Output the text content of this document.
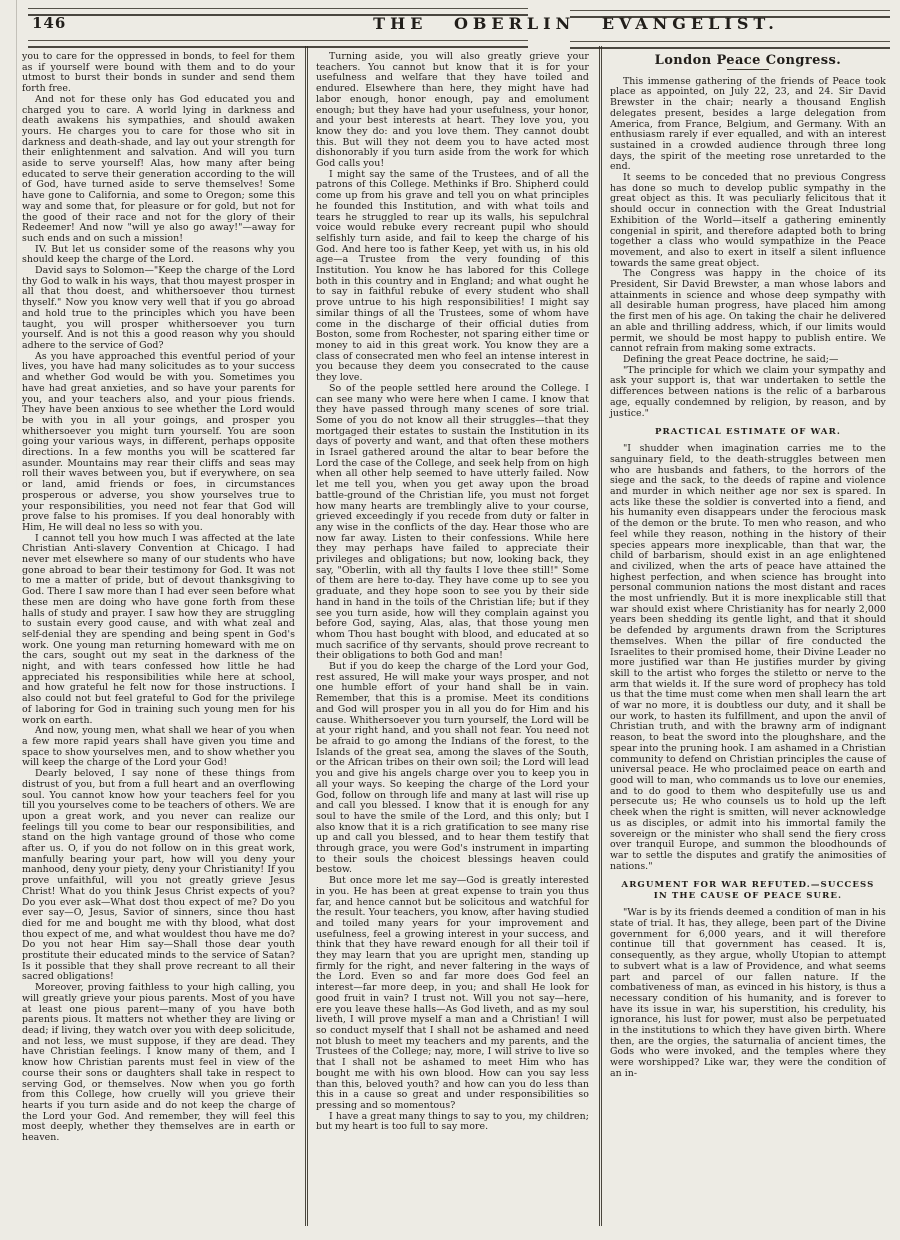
146	THE OBERLIN EVANGELIST.

you to care for the oppressed in bonds, to feel for them as if yourself were bound with them and to do your utmost to burst their bonds in sunder and send them forth free.

And not for these only has God educated you and charged you to care. A world lying in darkness and death awakens his sympathies, and should awaken yours. He charges you to care for those who sit in darkness and death-shade, and lay out your strength for their enlightenment and salvation. And will you turn aside to serve yourself! Alas, how many after being educated to serve their generation according to the will of God, have turned aside to serve themselves! Some have gone to California, and some to Oregon; some this way and some that, for pleasure or for gold, but not for the good of their race and not for the glory of their Redeemer! And now "will ye also go away!"—away for such ends and on such a mission!

IV. But let us consider some of the reasons why you should keep the charge of the Lord.

David says to Solomon—"Keep the charge of the Lord thy God to walk in his ways, that thou mayest prosper in all that thou doest, and whithersoever thou turnest thyself." Now you know very well that if you go abroad and hold true to the principles which you have been taught, you will prosper whithersoever you turn yourself. And is not this a good reason why you should adhere to the service of God?

As you have approached this eventful period of your lives, you have had many solicitudes as to your success and whether God would be with you. Sometimes you have had great anxieties, and so have your parents for you, and your teachers also, and your pious friends. They have been anxious to see whether the Lord would be with you in all your goings, and prosper you whithersoever you might turn yourself. You are soon going your various ways, in different, perhaps opposite directions. In a few months you will be scattered far asunder. Mountains may rear their cliffs and seas may roll their waves between you, but if everywhere, on sea or land, amid friends or foes, in circumstances prosperous or adverse, you show yourselves true to your responsibilities, you need not fear that God will prove false to his promises. If you deal honorably with Him, He will deal no less so with you.

I cannot tell you how much I was affected at the late Christian Anti-slavery Convention at Chicago. I had never met elsewhere so many of our students who have gone abroad to bear their testimony for God. It was not to me a matter of pride, but of devout thanksgiving to God. There I saw more than I had ever seen before what these men are doing who have gone forth from these halls of study and prayer. I saw how they are struggling to sustain every good cause, and with what zeal and self-denial they are spending and being spent in God's work. One young man returning homeward with me on the cars, sought out my seat in the darkness of the night, and with tears confessed how little he had appreciated his responsibilities while here at school, and how grateful he felt now for those instructions. I also could not but feel grateful to God for the privilege of laboring for God in training such young men for his work on earth.

And now, young men, what shall we hear of you when a few more rapid years shall have given you time and space to show yourselves men, and to show whether you will keep the charge of the Lord your God!

Dearly beloved, I say none of these things from distrust of you, but from a full heart and an overflowing soul. You cannot know how your teachers feel for you till you yourselves come to be teachers of others. We are upon a great work, and you never can realize our feelings till you come to bear our responsibilities, and stand on the high vantage ground of those who come after us. O, if you do not follow on in this great work, manfully bearing your part, how will you deny your manhood, deny your piety, deny your Christianity! If you prove unfaithful, will you not greatly grieve Jesus Christ! What do you think Jesus Christ expects of you? Do you ever ask—What dost thou expect of me? Do you ever say—O, Jesus, Savior of sinners, since thou hast died for me and bought me with thy blood, what dost thou expect of me, and what wouldest thou have me do? Do you not hear Him say—Shall those dear youth prostitute their educated minds to the service of Satan? Is it possible that they shall prove recreant to all their sacred obligations!

Moreover, proving faithless to your high calling, you will greatly grieve your pious parents. Most of you have at least one pious parent—many of you have both parents pious. It matters not whether they are living or dead; if living, they watch over you with deep solicitude, and not less, we must suppose, if they are dead. They have Christian feelings. I know many of them, and I know how Christian parents must feel in view of the course their sons or daughters shall take in respect to serving God, or themselves. Now when you go forth from this College, how cruelly will you grieve their hearts if you turn aside and do not keep the charge of the Lord your God. And remember, they will feel this most deeply, whether they themselves are in earth or heaven.

Turning aside, you will also greatly grieve your teachers. You cannot but know that it is for your usefulness and welfare that they have toiled and endured. Elsewhere than here, they might have had labor enough, honor enough, pay and emolument enough; but they have had your usefulness, your honor, and your best interests at heart. They love you, you know they do: and you love them. They cannot doubt this. But will they not deem you to have acted most dishonorably if you turn aside from the work for which God calls you!

I might say the same of the Trustees, and of all the patrons of this College. Methinks if Bro. Shipherd could come up from his grave and tell you on what principles he founded this Institution, and with what toils and tears he struggled to rear up its walls, his sepulchral voice would rebuke every recreant pupil who should selfishly turn aside, and fail to keep the charge of his God. And here too is father Keep, yet with us, in his old age—a Trustee from the very founding of this Institution. You know he has labored for this College both in this country and in England; and what ought he to say in faithful rebuke of every student who shall prove untrue to his high responsibilities! I might say similar things of all the Trustees, some of whom have come in the discharge of their official duties from Boston, some from Rochester, not sparing either time or money to aid in this great work. You know they are a class of consecrated men who feel an intense interest in you because they deem you consecrated to the cause they love.

So of the people settled here around the College. I can see many who were here when I came. I know that they have passed through many scenes of sore trial. Some of you do not know all their struggles—that they mortgaged their estates to sustain the Institution in its days of poverty and want, and that often these mothers in Israel gathered around the altar to bear before the Lord the case of the College, and seek help from on high when all other help seemed to have utterly failed. Now let me tell you, when you get away upon the broad battle-ground of the Christian life, you must not forget how many hearts are tremblingly alive to your course, grieved exceedingly if you recede from duty or falter in any wise in the conflicts of the day. Hear those who are now far away. Listen to their confessions. While here they may perhaps have failed to appreciate their privileges and obligations; but now, looking back, they say, "Oberlin, with all thy faults I love thee still!" Some of them are here to-day. They have come up to see you graduate, and they hope soon to see you by their side hand in hand in the toils of the Christian life; but if they see you turn aside, how will they complain against you before God, saying, Alas, alas, that those young men whom Thou hast bought with blood, and educated at so much sacrifice of thy servants, should prove recreant to their obligations to both God and man!

But if you do keep the charge of the Lord your God, rest assured, He will make your ways prosper, and not one humble effort of your hand shall be in vain. Remember, that this is a promise. Meet its conditions and God will prosper you in all you do for Him and his cause. Whithersoever you turn yourself, the Lord will be at your right hand, and you shall not fear. You need not be afraid to go among the Indians of the forest, to the Islands of the great sea, among the slaves of the South, or the African tribes on their own soil; the Lord will lead you and give his angels charge over you to keep you in all your ways. So keeping the charge of the Lord your God, follow on through life and many at last will rise up and call you blessed. I know that it is enough for any soul to have the smile of the Lord, and this only; but I also know that it is a rich gratification to see many rise up and call you blessed, and to hear them testify that through grace, you were God's instrument in imparting to their souls the choicest blessings heaven could bestow.

But once more let me say—God is greatly interested in you. He has been at great expense to train you thus far, and hence cannot but be solicitous and watchful for the result. Your teachers, you know, after having studied and toiled many years for your improvement and usefulness, feel a growing interest in your success, and think that they have reward enough for all their toil if they may learn that you are upright men, standing up firmly for the right, and never faltering in the ways of the Lord. Even so and far more does God feel an interest—far more deep, in you; and shall He look for good fruit in vain? I trust not. Will you not say—here, ere you leave these halls—As God liveth, and as my soul liveth, I will prove myself a man and a Christian! I will so conduct myself that I shall not be ashamed and need not blush to meet my teachers and my parents, and the Trustees of the College; nay, more, I will strive to live so that I shall not be ashamed to meet Him who has bought me with his own blood. How can you say less than this, beloved youth? and how can you do less than this in a cause so great and under responsibilities so pressing and so momentous?

I have a great many things to say to you, my children; but my heart is too full to say more.

London Peace Congress.

This immense gathering of the friends of Peace took place as appointed, on July 22, 23, and 24. Sir David Brewster in the chair; nearly a thousand English delegates present, besides a large delegation from America, from France, Belgium, and Germany. With an enthusiasm rarely if ever equalled, and with an interest sustained in a crowded audience through three long days, the spirit of the meeting rose unretarded to the end.

It seems to be conceded that no previous Congress has done so much to develop public sympathy in the great object as this. It was peculiarly felicitous that it should occur in connection with the Great Industrial Exhibition of the World—itself a gathering eminently congenial in spirit, and therefore adapted both to bring together a class who would sympathize in the Peace movement, and also to exert in itself a silent influence towards the same great object.

The Congress was happy in the choice of its President, Sir David Brewster, a man whose labors and attainments in science and whose deep sympathy with all desirable human progress, have placed him among the first men of his age. On taking the chair he delivered an able and thrilling address, which, if our limits would permit, we should be most happy to publish entire. We cannot refrain from making some extracts.

Defining the great Peace doctrine, he said;—

"The principle for which we claim your sympathy and ask your support is, that war undertaken to settle the differences between nations is the relic of a barbarous age, equally condemned by religion, by reason, and by justice."

PRACTICAL ESTIMATE OF WAR.

"I shudder when imagination carries me to the sanguinary field, to the death-struggles between men who are husbands and fathers, to the horrors of the siege and the sack, to the deeds of rapine and violence and murder in which neither age nor sex is spared. In acts like these the soldier is converted into a fiend, and his humanity even disappears under the ferocious mask of the demon or the brute. To men who reason, and who feel while they reason, nothing in the history of their species appears more inexplicable, than that war, the child of barbarism, should exist in an age enlightened and civilized, when the arts of peace have attained the highest perfection, and when science has brought into personal communion nations the most distant and races the most unfriendly. But it is more inexplicable still that war should exist where Christianity has for nearly 2,000 years been shedding its gentle light, and that it should be defended by arguments drawn from the Scriptures themselves. When the pillar of fire conducted the Israelites to their promised home, their Divine Leader no more justified war than He justifies murder by giving skill to the artist who forges the stiletto or nerve to the arm that wields it. If the sure word of prophecy has told us that the time must come when men shall learn the art of war no more, it is doubtless our duty, and it shall be our work, to hasten its fulfillment, and upon the anvil of Christian truth, and with the brawny arm of indignant reason, to beat the sword into the ploughshare, and the spear into the pruning hook. I am ashamed in a Christian community to defend on Christian principles the cause of universal peace. He who proclaimed peace on earth and good will to man, who commands us to love our enemies, and to do good to them who despitefully use us and persecute us; He who counsels us to hold up the left cheek when the right is smitten, will never acknowledge us as disciples, or admit into his immortal family the sovereign or the minister who shall send the fiery cross over tranquil Europe, and summon the bloodhounds of war to settle the disputes and gratify the animosities of nations."

ARGUMENT FOR WAR REFUTED.—SUCCESS IN THE CAUSE OF PEACE SURE.

"War is by its friends deemed a condition of man in his state of trial. It has, they allege, been part of the Divine government for 6,000 years, and it will therefore continue till that government has ceased. It is, consequently, as they argue, wholly Utopian to attempt to subvert what is a law of Providence, and what seems part and parcel of our fallen nature. If the combativeness of man, as evinced in his history, is thus a necessary condition of his humanity, and is forever to have its issue in war, his superstition, his credulity, his ignorance, his lust for power, must also be perpetuated in the institutions to which they have given birth. Where then, are the orgies, the saturnalia of ancient times, the Gods who were invoked, and the temples where they were worshipped? Like war, they were the condition of an in-
